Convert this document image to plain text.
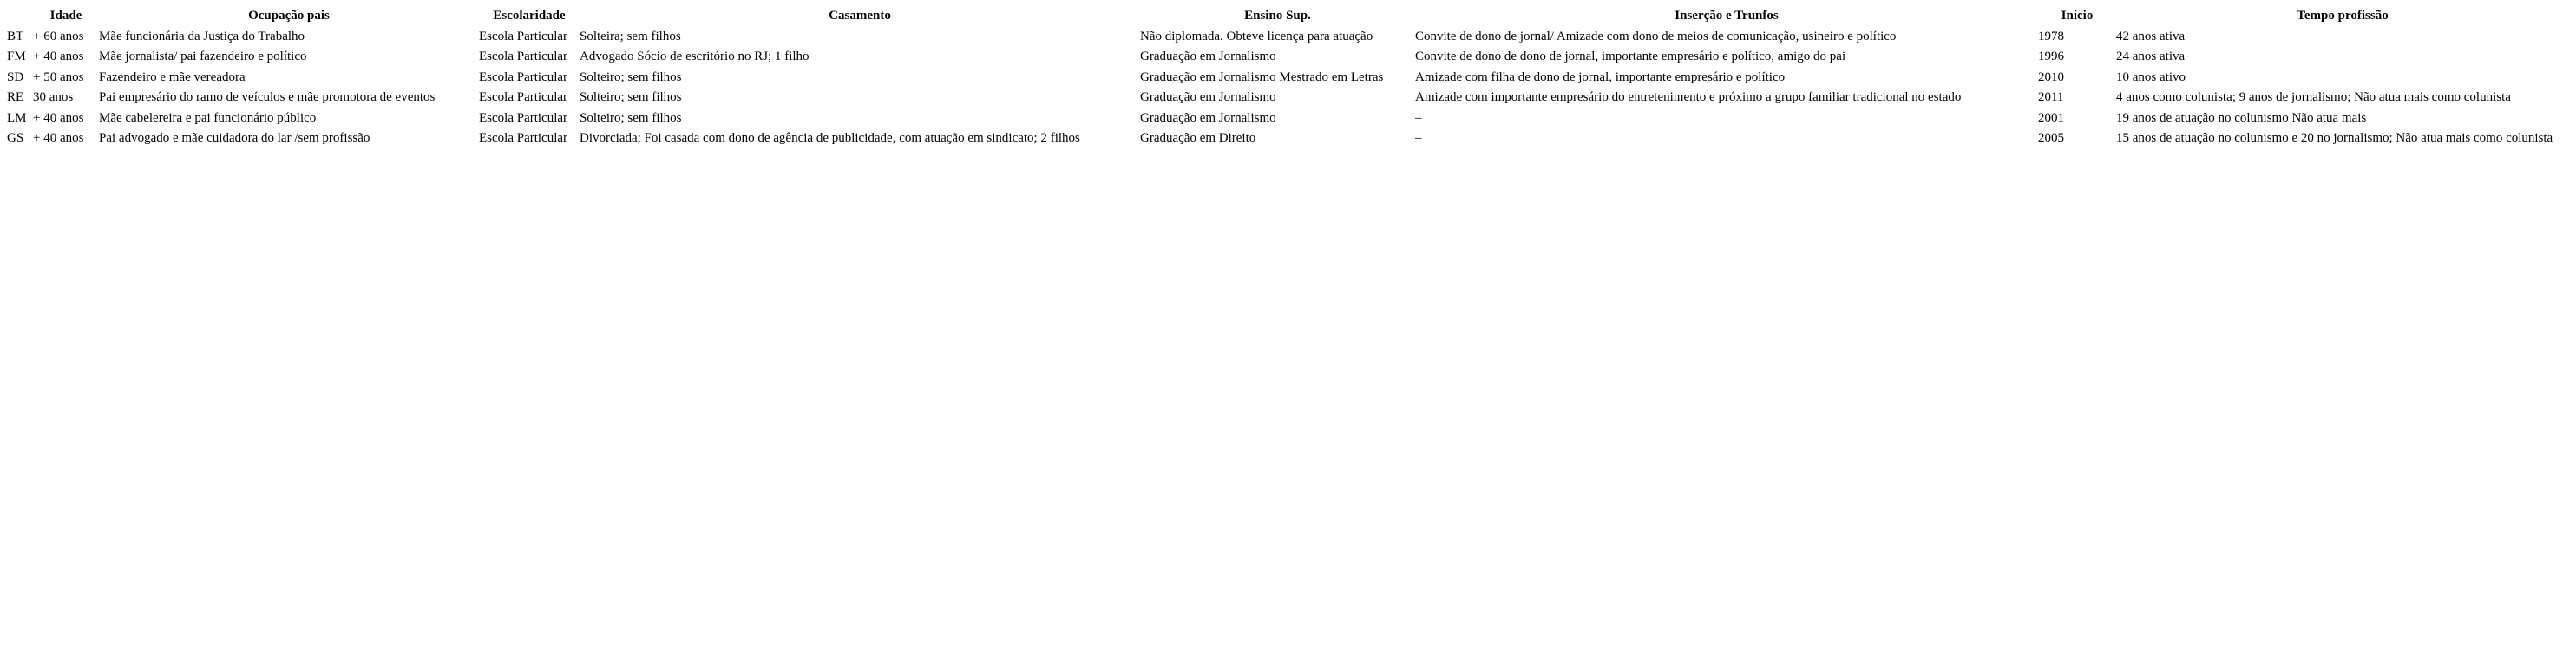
	Idade	Ocupação pais	Escolaridade	Casamento	Ensino Sup.	Inserção e Trunfos	Início	Tempo profissão
BT	+ 60 anos	Mãe funcionária da Justiça do Trabalho	Escola Particular	Solteira; sem filhos	Não diplomada. Obteve licença para atuação	Convite de dono de jornal/ Amizade com dono de meios de comunicação, usineiro e político	1978	42 anos ativa
FM	+ 40 anos	Mãe jornalista/ pai fazendeiro e político	Escola Particular	Advogado Sócio de escritório no RJ; 1 filho	Graduação em Jornalismo	Convite de dono de dono de jornal, importante empresário e político, amigo do pai	1996	24 anos ativa
SD	+ 50 anos	Fazendeiro e mãe vereadora	Escola Particular	Solteiro; sem filhos	Graduação em Jornalismo Mestrado em Letras	Amizade com filha de dono de jornal, importante empresário e político	2010	10 anos ativo
RE	30 anos	Pai empresário do ramo de veículos e mãe promotora de eventos	Escola Particular	Solteiro; sem filhos	Graduação em Jornalismo	Amizade com importante empresário do entretenimento e próximo a grupo familiar tradicional no estado	2011	4 anos como colunista; 9 anos de jornalismo; Não atua mais como colunista
LM	+ 40 anos	Mãe cabelereira e pai funcionário público	Escola Particular	Solteiro; sem filhos	Graduação em Jornalismo	–	2001	19 anos de atuação no colunismo Não atua mais
GS	+ 40 anos	Pai advogado e mãe cuidadora do lar /sem profissão	Escola Particular	Divorciada; Foi casada com dono de agência de publicidade, com atuação em sindicato; 2 filhos	Graduação em Direito	–	2005	15 anos de atuação no colunismo e 20 no jornalismo; Não atua mais como colunista
